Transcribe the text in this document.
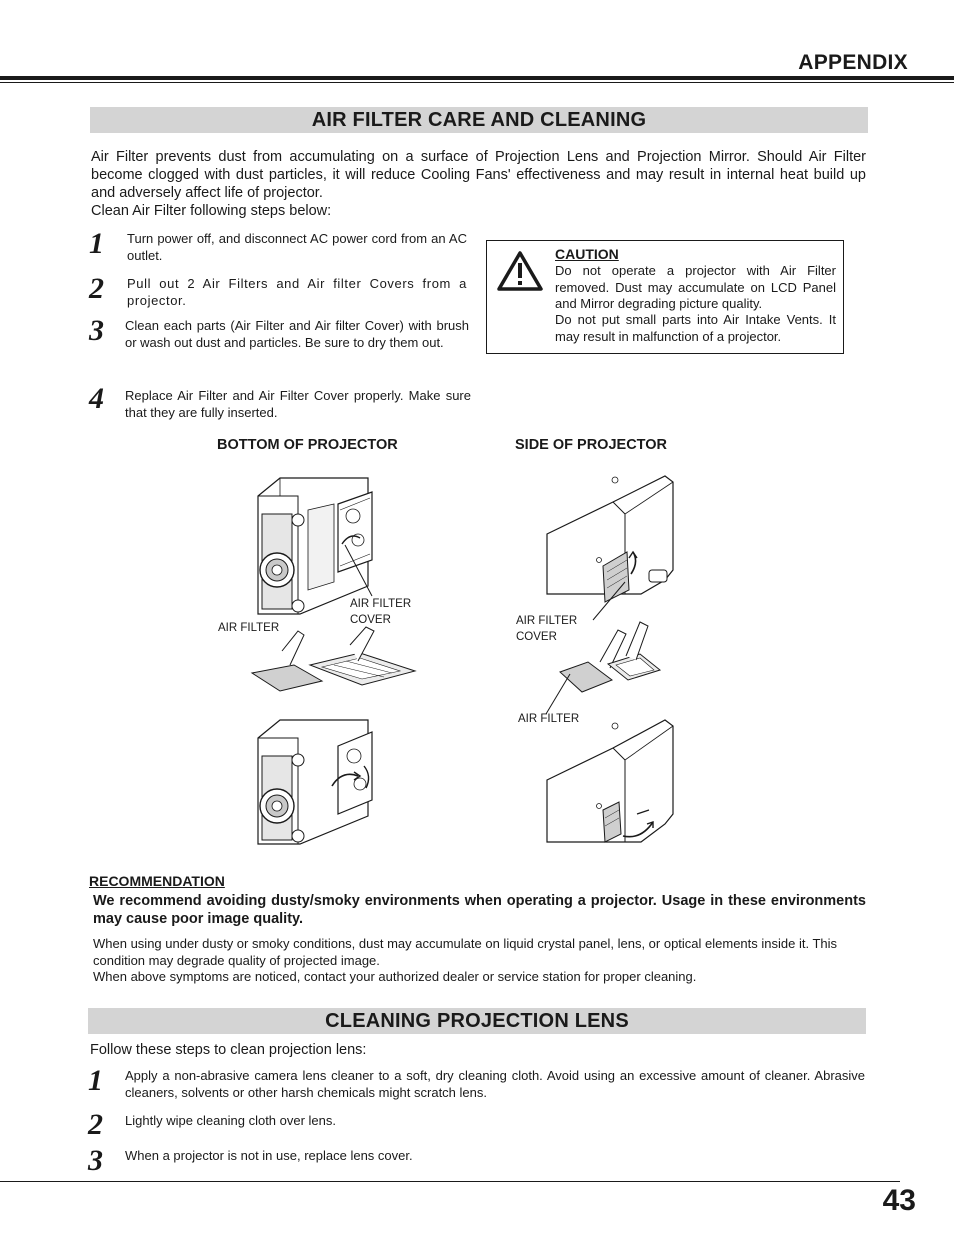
APPENDIX
AIR FILTER CARE AND CLEANING
Air Filter prevents dust from accumulating on a surface of Projection Lens and Projection Mirror. Should Air Filter become clogged with dust particles, it will reduce Cooling Fans' effectiveness and may result in internal heat build up and adversely affect life of projector.
Clean Air Filter following steps below:
1 Turn power off, and disconnect AC power cord from an AC outlet.
2 Pull out 2 Air Filters and Air filter Covers from a projector.
3 Clean each parts (Air Filter and Air filter Cover) with brush or wash out dust and particles. Be sure to dry them out.
4 Replace Air Filter and Air Filter Cover properly. Make sure that they are fully inserted.
CAUTION
Do not operate a projector with Air Filter removed. Dust may accumulate on LCD Panel and Mirror degrading picture quality.
Do not put small parts into Air Intake Vents. It may result in malfunction of a projector.
BOTTOM OF PROJECTOR	SIDE OF PROJECTOR
AIR FILTER
COVER
AIR FILTER
AIR FILTER
COVER
AIR FILTER
RECOMMENDATION
We recommend avoiding dusty/smoky environments when operating a projector. Usage in these environments may cause poor image quality.
When using under dusty or smoky conditions, dust may accumulate on liquid crystal panel, lens, or optical elements inside it. This condition may degrade quality of projected image.
When above symptoms are noticed, contact your authorized dealer or service station for proper cleaning.
CLEANING PROJECTION LENS
Follow these steps to clean projection lens:
1 Apply a non-abrasive camera lens cleaner to a soft, dry cleaning cloth. Avoid using an excessive amount of cleaner. Abrasive cleaners, solvents or other harsh chemicals might scratch lens.
2 Lightly wipe cleaning cloth over lens.
3 When a projector is not in use, replace lens cover.
43
